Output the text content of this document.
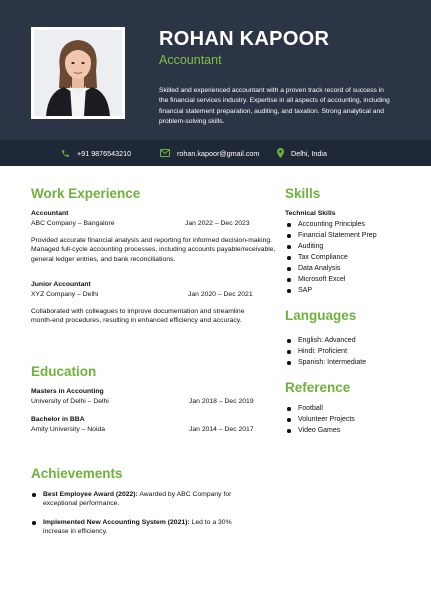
ROHAN KAPOOR
Accountant
Skilled and experienced accountant with a proven track record of success in the financial services industry. Expertise in all aspects of accounting, including financial statement preparation, auditing, and taxation. Strong analytical and problem-solving skills.
+91 9876543210	rohan.kapoor@gmail.com	Delhi, India
Work Experience
Accountant
ABC Company – Bangalore	Jan 2022 – Dec 2023
Provided accurate financial analysis and reporting for informed decision-making. Managed full-cycle accounting processes, including accounts payable/receivable, general ledger entries, and bank reconciliations.
Junior Accountant
XYZ Company – Delhi	Jan 2020 – Dec 2021
Collaborated with colleagues to improve documentation and streamline month-end procedures, resulting in enhanced efficiency and accuracy.
Education
Masters in Accounting
University of Delhi – Delhi	Jan 2018 – Dec 2019
Bachelor in BBA
Amity University – Noida	Jan 2014 – Dec 2017
Achievements
Best Employee Award (2022): Awarded by ABC Company for exceptional performance.
Implemented New Accounting System (2021): Led to a 30% increase in efficiency.
Skills
Technical Skills
Accounting Principles
Financial Statement Prep
Auditing
Tax Compliance
Data Analysis
Microsoft Excel
SAP
Languages
English: Advanced
Hindi: Proficient
Spanish: Intermediate
Reference
Football
Volunteer Projects
Video Games
